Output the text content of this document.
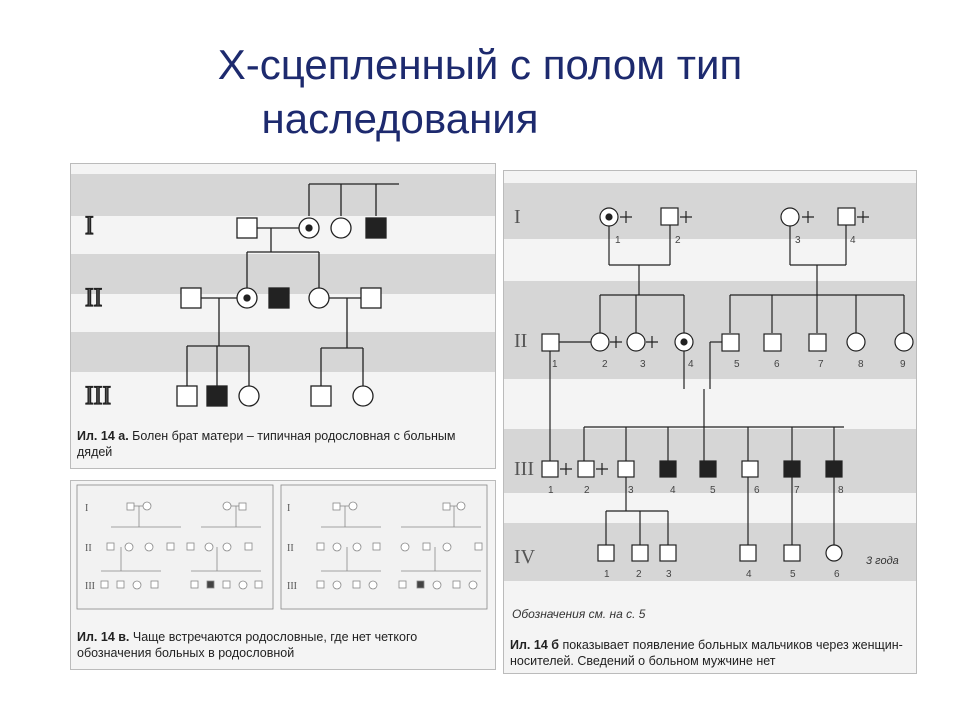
X-сцепленный с полом тип
наследования
I
II
III
Ил. 14 а. Болен брат матери – типичная родословная с больным дядей
I
II
III
I
II
III
Ил. 14 в. Чаще встречаются родословные, где нет четкого обозначения больных в родословной
I
II
III
IV
1	2	3	4
1	2	3	4	5	6	7	8	9
1	2	3	4	5	6	7	8
1	2 3	4	5	6
3 года
Обозначения см. на с. 5
Ил. 14 б показывает появление больных мальчиков через женщин-носителей. Сведений о больном мужчине нет
